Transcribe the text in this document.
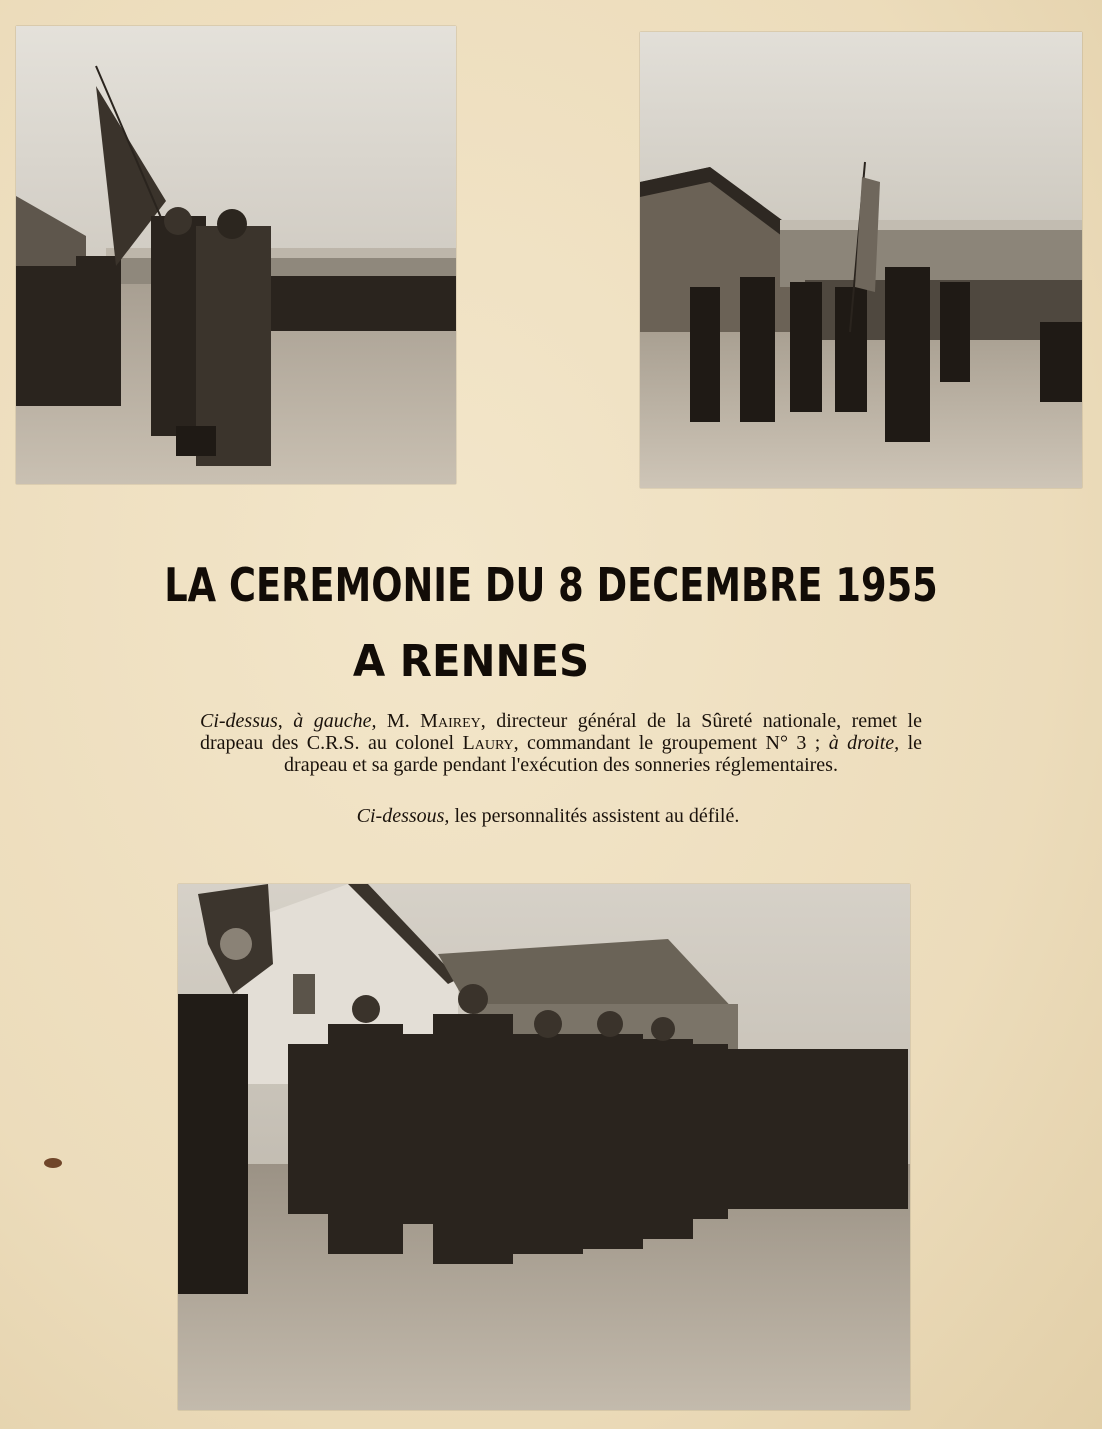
LA CEREMONIE DU 8 DECEMBRE 1955
A RENNES
Ci-dessus, à gauche, M. Mairey, directeur général de la Sûreté nationale, remet le drapeau des C.R.S. au colonel Laury, commandant le groupement N° 3 ; à droite, le drapeau et sa garde pendant l'exécution des sonneries réglementaires.
Ci-dessous, les personnalités assistent au défilé.
